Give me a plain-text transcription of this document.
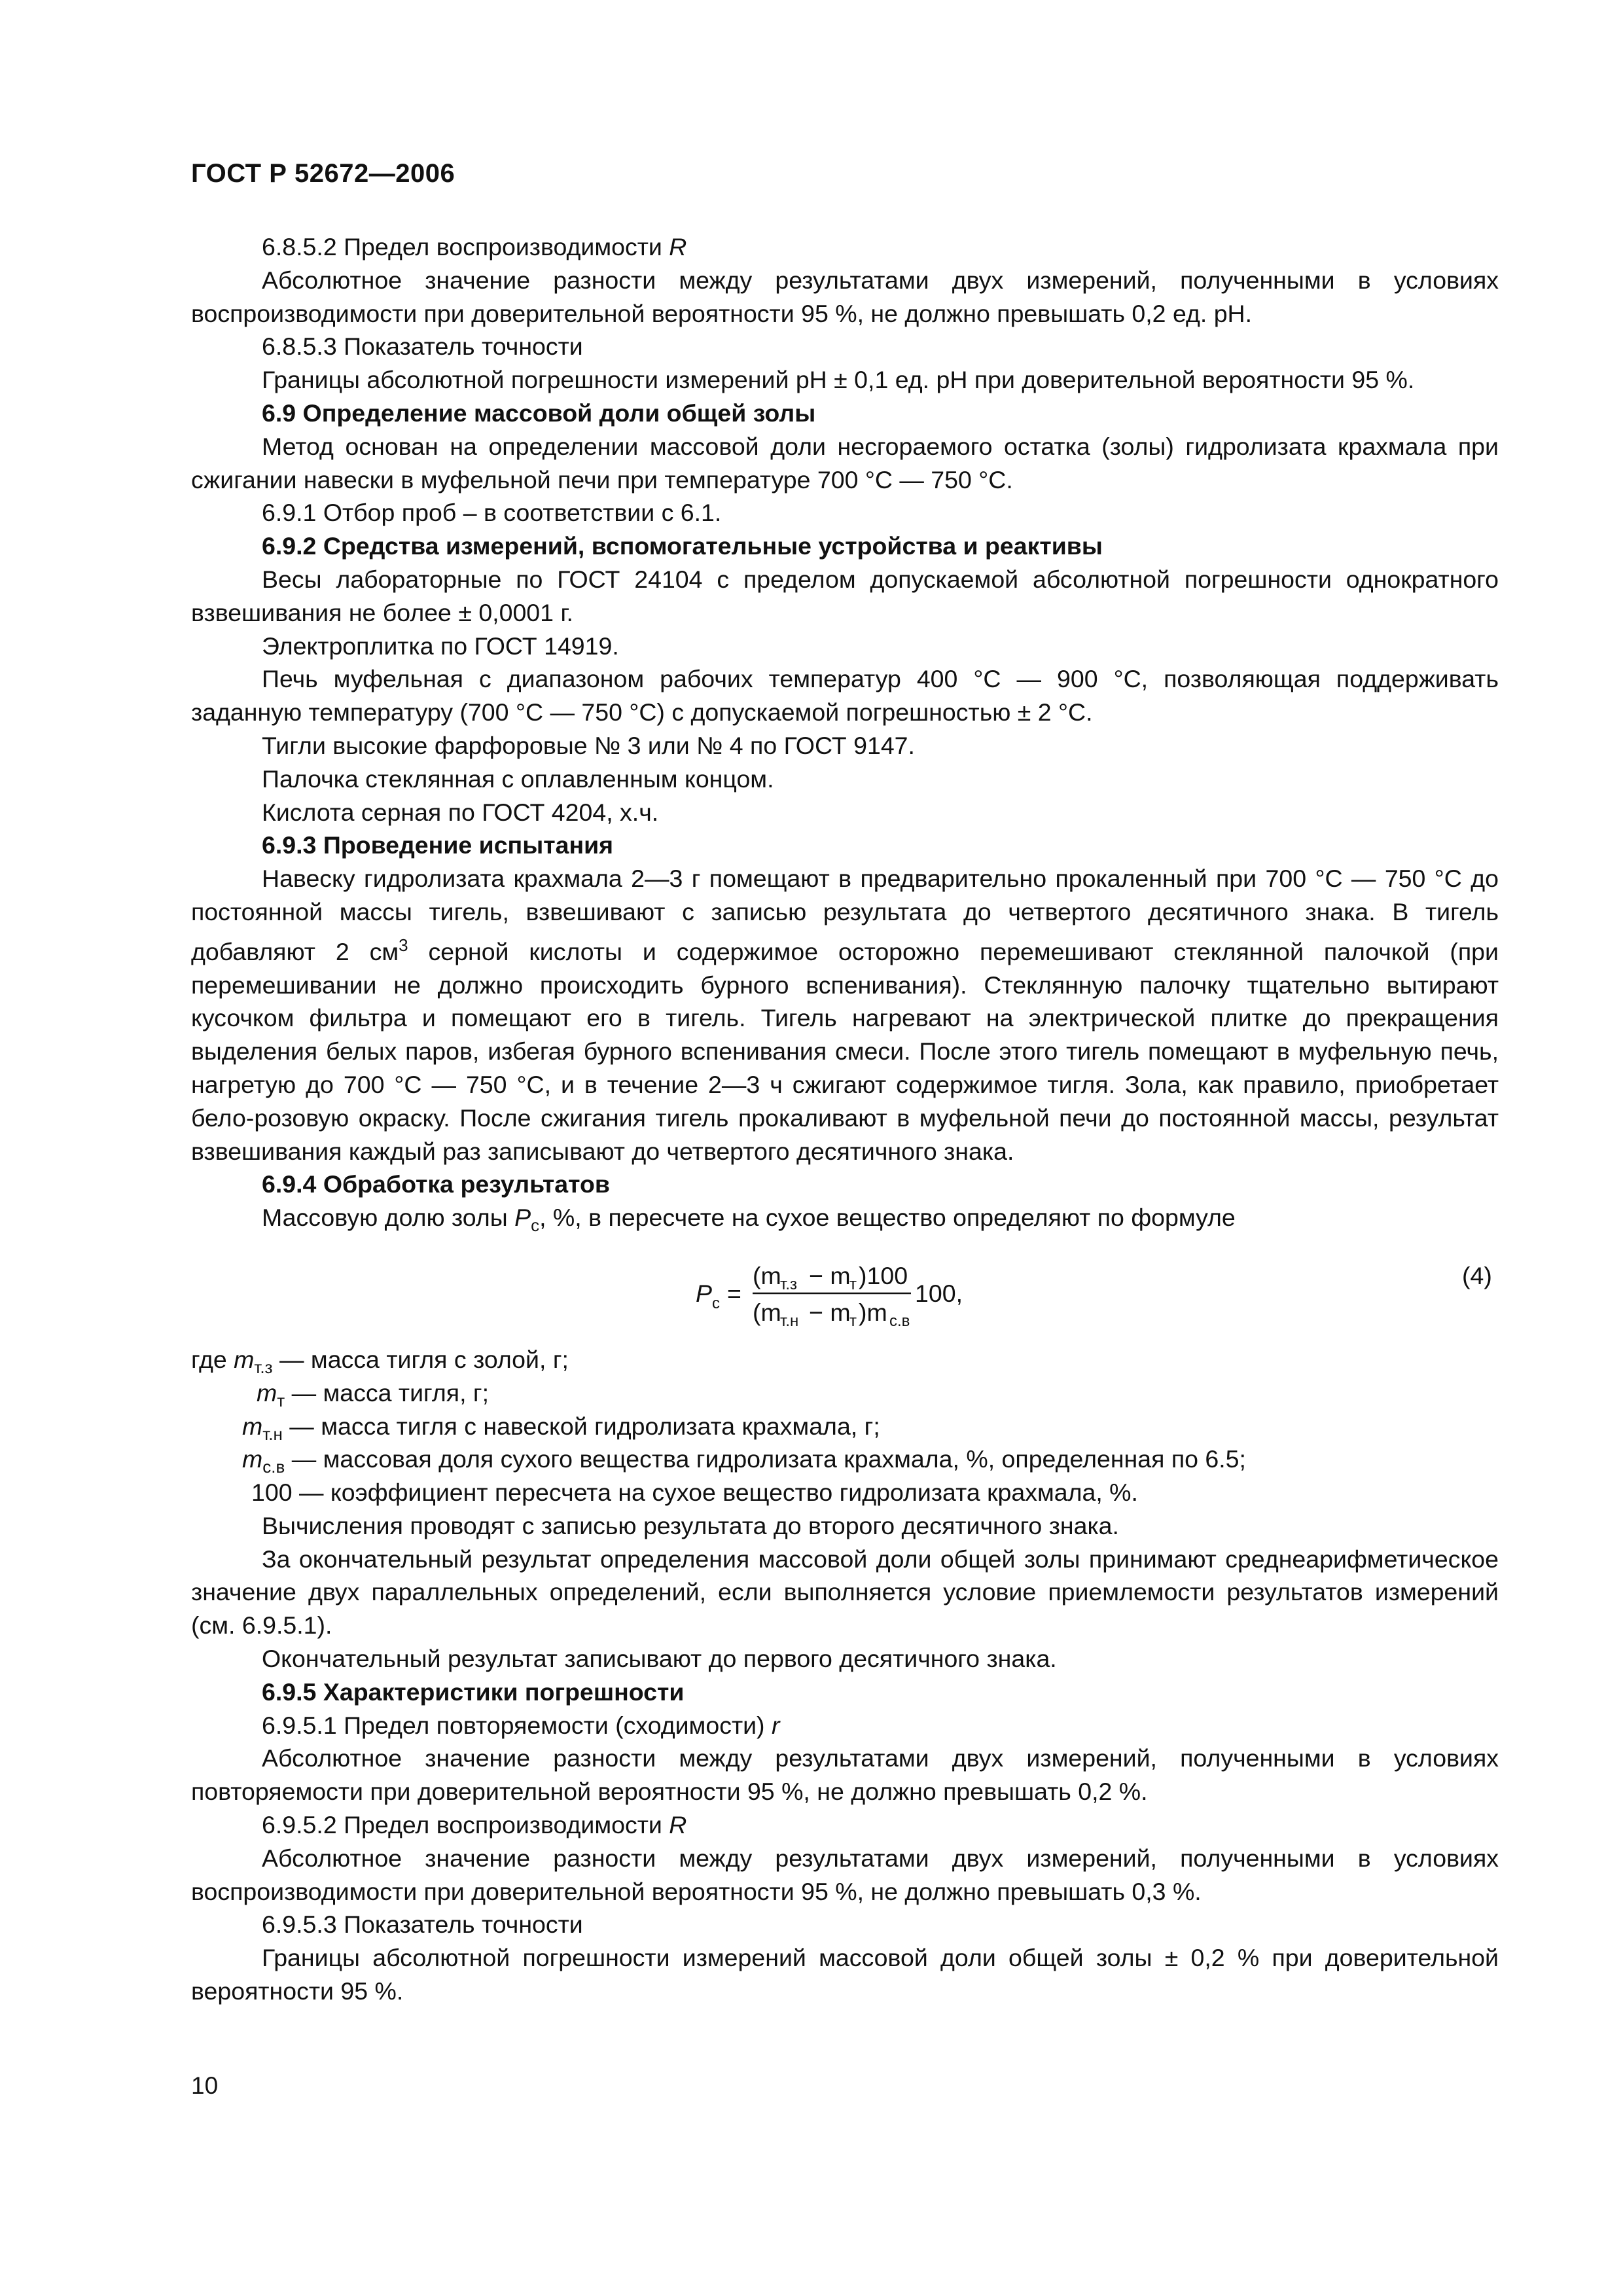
ГОСТ Р 52672—2006

6.8.5.2 Предел воспроизводимости R

Абсолютное значение разности между результатами двух измерений, полученными в условиях воспроизводимости при доверительной вероятности 95 %, не должно превышать 0,2 ед. pH.

6.8.5.3 Показатель точности

Границы абсолютной погрешности измерений pH ± 0,1 ед. pH при доверительной вероятности 95 %.

6.9 Определение массовой доли общей золы

Метод основан на определении массовой доли несгораемого остатка (золы) гидролизата крахмала при сжигании навески в муфельной печи при температуре 700 °С — 750 °С.

6.9.1 Отбор проб – в соответствии с 6.1.

6.9.2 Средства измерений, вспомогательные устройства и реактивы

Весы лабораторные по ГОСТ 24104 с пределом допускаемой абсолютной погрешности однократного взвешивания не более ± 0,0001 г.

Электроплитка по ГОСТ 14919.

Печь муфельная с диапазоном рабочих температур 400 °С — 900 °С, позволяющая поддерживать заданную температуру (700 °С — 750 °С) с допускаемой погрешностью ± 2 °С.

Тигли высокие фарфоровые № 3 или № 4 по ГОСТ 9147.

Палочка стеклянная с оплавленным концом.

Кислота серная по ГОСТ 4204, х.ч.

6.9.3 Проведение испытания

Навеску гидролизата крахмала 2—3 г помещают в предварительно прокаленный при 700 °С — 750 °С до постоянной массы тигель, взвешивают с записью результата до четвертого десятичного знака. В тигель добавляют 2 $см^3$ серной кислоты и содержимое осторожно перемешивают стеклянной палочкой (при перемешивании не должно происходить бурного вспенивания). Стеклянную палочку тщательно вытирают кусочком фильтра и помещают его в тигель. Тигель нагревают на электрической плитке до прекращения выделения белых паров, избегая бурного вспенивания смеси. После этого тигель помещают в муфельную печь, нагретую до 700 °С — 750 °С, и в течение 2—3 ч сжигают содержимое тигля. Зола, как правило, приобретает бело-розовую окраску. После сжигания тигель прокаливают в муфельной печи до постоянной массы, результат взвешивания каждый раз записывают до четвертого десятичного знака.

6.9.4 Обработка результатов

Массовую долю золы $P_с$, %, в пересчете на сухое вещество определяют по формуле

P с =
(m
т.з − m
т )100
(m
т.н − m
т )m с.в
100,
(4)
где $m_{т.з}$ — масса тигля с золой, г;
$m_т$ — масса тигля, г;
$m_{т.н}$ — масса тигля с навеской гидролизата крахмала, г;
$m_{с.в}$ — массовая доля сухого вещества гидролизата крахмала, %, определенная по 6.5;
100 — коэффициент пересчета на сухое вещество гидролизата крахмала, %.

Вычисления проводят с записью результата до второго десятичного знака.

За окончательный результат определения массовой доли общей золы принимают среднеарифметическое значение двух параллельных определений, если выполняется условие приемлемости результатов измерений (см. 6.9.5.1).

Окончательный результат записывают до первого десятичного знака.

6.9.5 Характеристики погрешности

6.9.5.1 Предел повторяемости (сходимости) r

Абсолютное значение разности между результатами двух измерений, полученными в условиях повторяемости при доверительной вероятности 95 %, не должно превышать 0,2 %.

6.9.5.2 Предел воспроизводимости R

Абсолютное значение разности между результатами двух измерений, полученными в условиях воспроизводимости при доверительной вероятности 95 %, не должно превышать 0,3 %.

6.9.5.3 Показатель точности

Границы абсолютной погрешности измерений массовой доли общей золы ± 0,2 % при доверительной вероятности 95 %.

10
